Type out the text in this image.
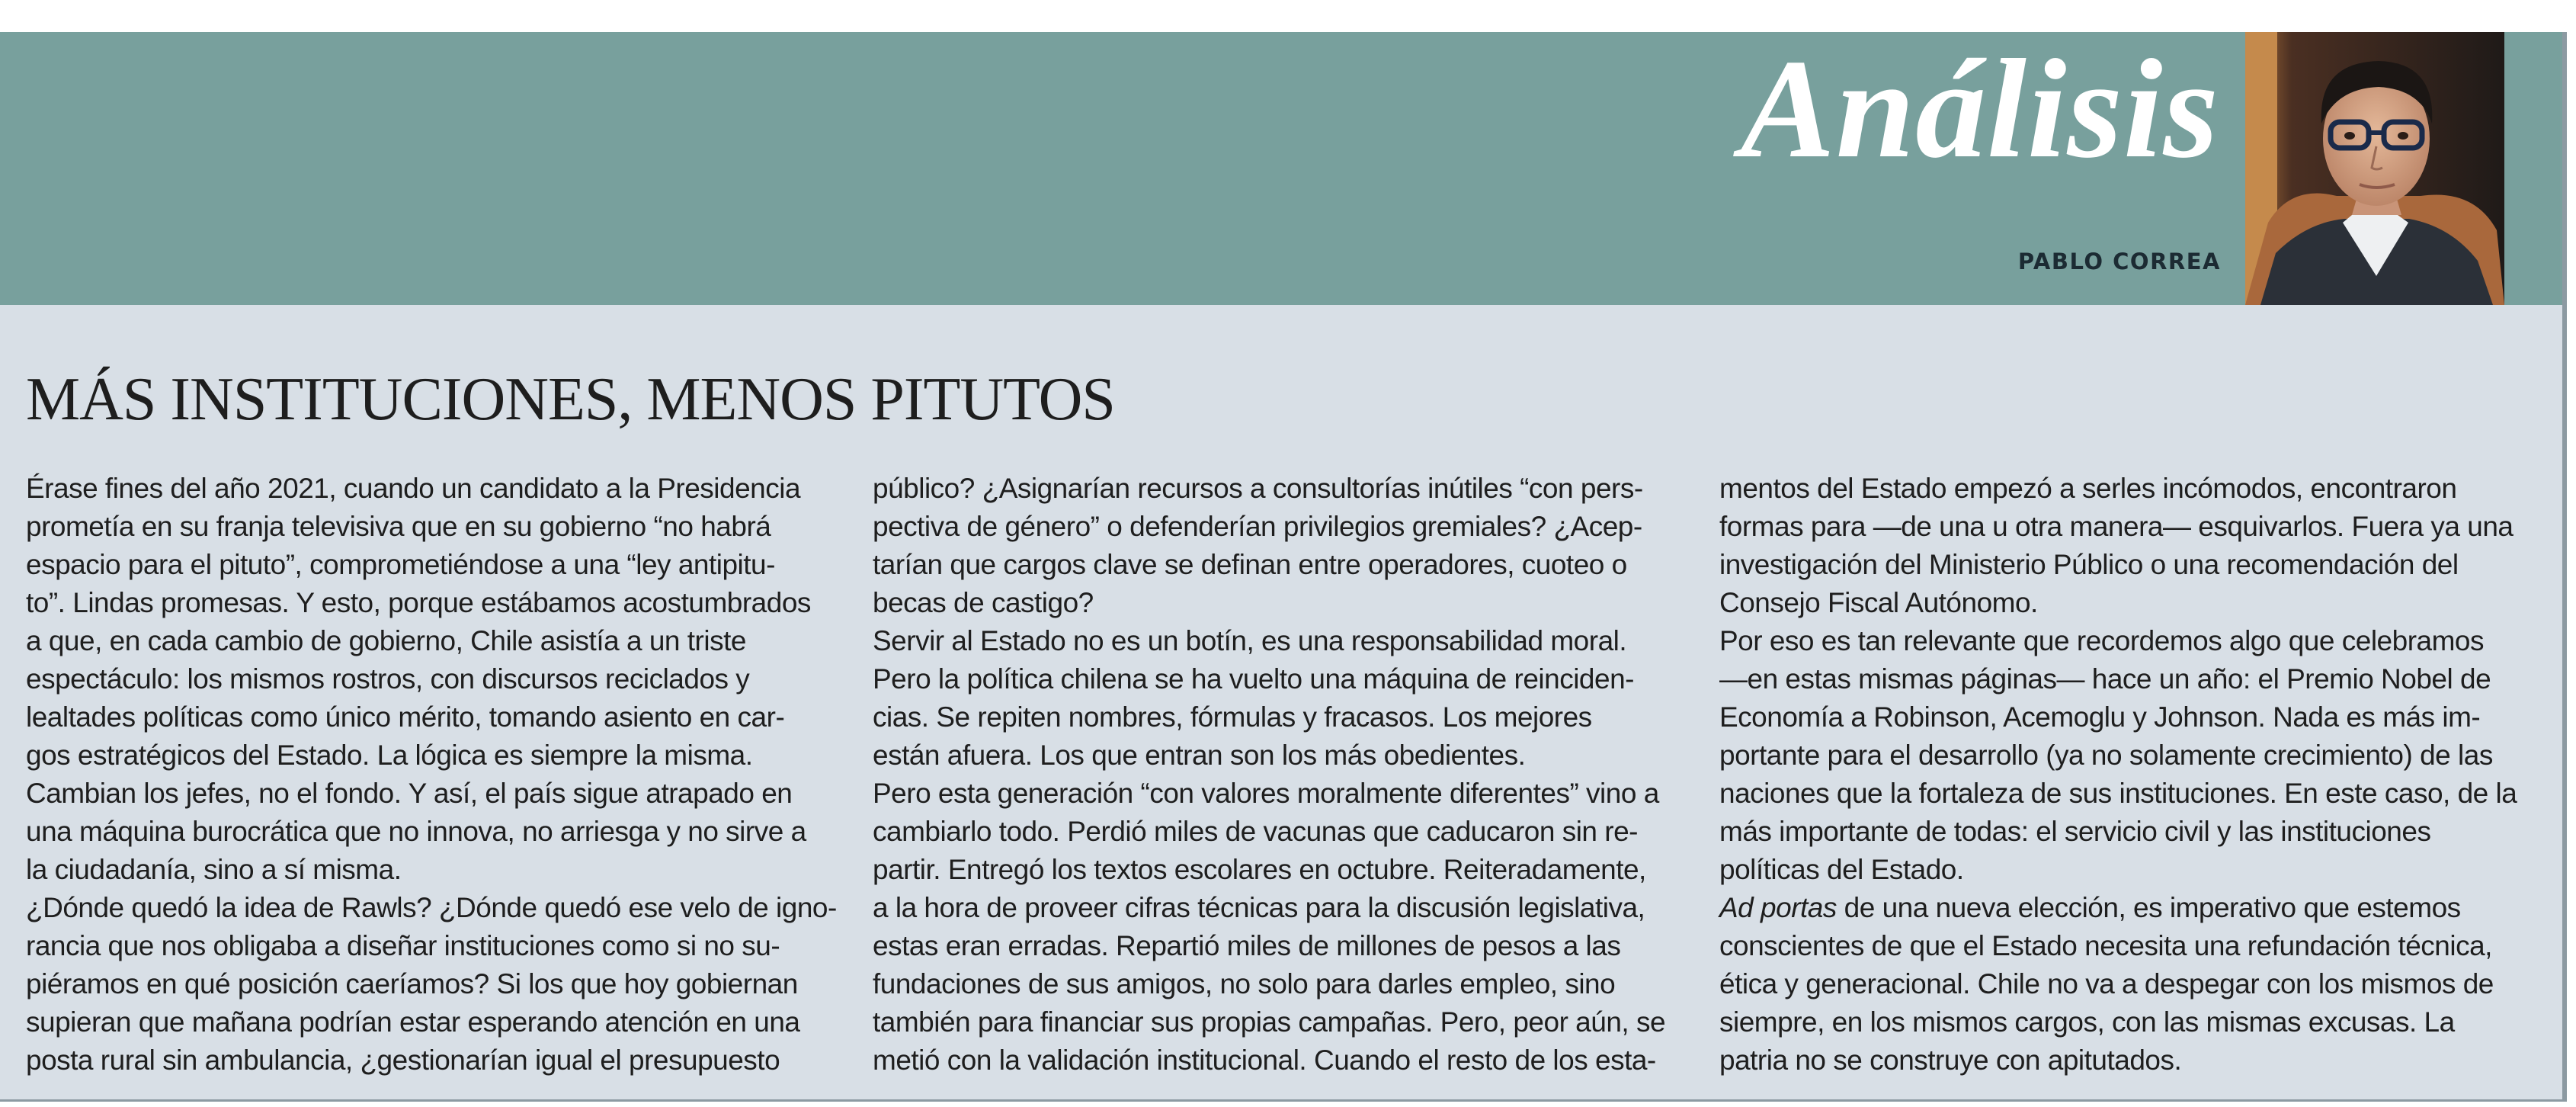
Análisis
PABLO CORREA
MÁS INSTITUCIONES, MENOS PITUTOS

Érase fines del año 2021, cuando un candidato a la Presidencia

prometía en su franja televisiva que en su gobierno “no habrá

espacio para el pituto”, comprometiéndose a una “ley antipitu-

to”. Lindas promesas. Y esto, porque estábamos acostumbrados

a que, en cada cambio de gobierno, Chile asistía a un triste

espectáculo: los mismos rostros, con discursos reciclados y

lealtades políticas como único mérito, tomando asiento en car-

gos estratégicos del Estado. La lógica es siempre la misma.

Cambian los jefes, no el fondo. Y así, el país sigue atrapado en

una máquina burocrática que no innova, no arriesga y no sirve a

la ciudadanía, sino a sí misma.

¿Dónde quedó la idea de Rawls? ¿Dónde quedó ese velo de igno-

rancia que nos obligaba a diseñar instituciones como si no su-

piéramos en qué posición caeríamos? Si los que hoy gobiernan

supieran que mañana podrían estar esperando atención en una

posta rural sin ambulancia, ¿gestionarían igual el presupuesto

público? ¿Asignarían recursos a consultorías inútiles “con pers-

pectiva de género” o defenderían privilegios gremiales? ¿Acep-

tarían que cargos clave se definan entre operadores, cuoteo o

becas de castigo?

Servir al Estado no es un botín, es una responsabilidad moral.

Pero la política chilena se ha vuelto una máquina de reinciden-

cias. Se repiten nombres, fórmulas y fracasos. Los mejores

están afuera. Los que entran son los más obedientes.

Pero esta generación “con valores moralmente diferentes” vino a

cambiarlo todo. Perdió miles de vacunas que caducaron sin re-

partir. Entregó los textos escolares en octubre. Reiteradamente,

a la hora de proveer cifras técnicas para la discusión legislativa,

estas eran erradas. Repartió miles de millones de pesos a las

fundaciones de sus amigos, no solo para darles empleo, sino

también para financiar sus propias campañas. Pero, peor aún, se

metió con la validación institucional. Cuando el resto de los esta-

mentos del Estado empezó a serles incómodos, encontraron

formas para —de una u otra manera— esquivarlos. Fuera ya una

investigación del Ministerio Público o una recomendación del

Consejo Fiscal Autónomo.

Por eso es tan relevante que recordemos algo que celebramos

—en estas mismas páginas— hace un año: el Premio Nobel de

Economía a Robinson, Acemoglu y Johnson. Nada es más im-

portante para el desarrollo (ya no solamente crecimiento) de las

naciones que la fortaleza de sus instituciones. En este caso, de la

más importante de todas: el servicio civil y las instituciones

políticas del Estado.

Ad portas de una nueva elección, es imperativo que estemos

conscientes de que el Estado necesita una refundación técnica,

ética y generacional. Chile no va a despegar con los mismos de

siempre, en los mismos cargos, con las mismas excusas. La

patria no se construye con apitutados.
